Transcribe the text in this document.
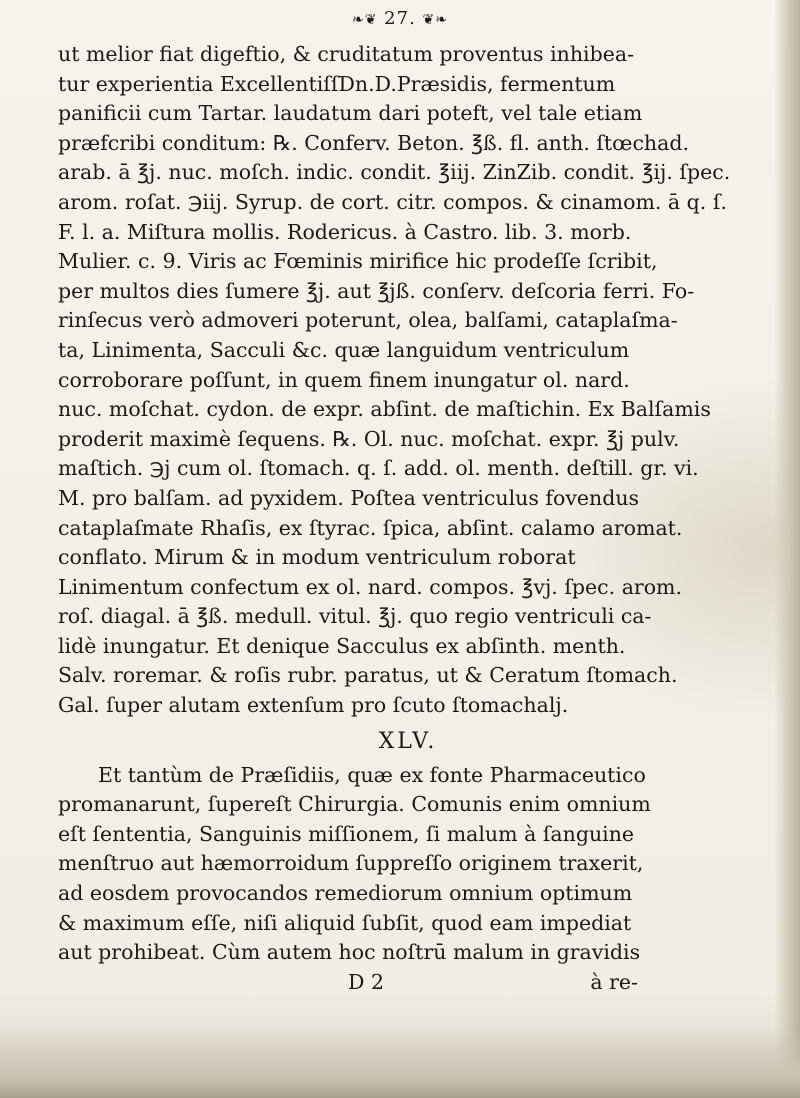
❧❦ 27. ❦❧
ut melior fiat digeftio, & cruditatum proventus inhibea-
tur experientia ExcellentiſſDn.D.Præsidis, fermentum
panificii cum Tartar. laudatum dari poteft, vel tale etiam
præfcribi conditum: ℞. Conferv. Beton. ℥ß. fl. anth. ſtœchad.
arab. ā ℥j. nuc. moſch. indic. condit. ℥iij. ZinZib. condit. ℥ij. ſpec.
arom. roſat. ℈iij. Syrup. de cort. citr. compos. & cinamom. ā q. ſ.
F. l. a. Miſtura mollis. Rodericus. à Castro. lib. 3. morb.
Mulier. c. 9. Viris ac Fœminis mirifice hic prodeſſe ſcribit,
per multos dies ſumere ℥j. aut ℥jß. conſerv. deſcoria ferri. Fo-
rinſecus verò admoveri poterunt, olea, balſami, cataplaſma-
ta, Linimenta, Sacculi &c. quæ languidum ventriculum
corroborare poſſunt, in quem finem inungatur ol. nard.
nuc. moſchat. cydon. de expr. abſint. de maſtichin. Ex Balſamis
proderit maximè ſequens. ℞. Ol. nuc. moſchat. expr. ℥j pulv.
maſtich. ℈j cum ol. ſtomach. q. ſ. add. ol. menth. deſtill. gr. vi.
M. pro balſam. ad pyxidem. Poſtea ventriculus fovendus
cataplaſmate Rhaſis, ex ſtyrac. ſpica, abſint. calamo aromat.
conflato. Mirum & in modum ventriculum roborat
Linimentum confectum ex ol. nard. compos. ℥vj. ſpec. arom.
roſ. diagal. ā ℥ß. medull. vitul. ℥j. quo regio ventriculi ca-
lidè inungatur. Et denique Sacculus ex abſinth. menth.
Salv. roremar. & roſis rubr. paratus, ut & Ceratum ſtomach.
Gal. ſuper alutam extenſum pro ſcuto ſtomachalj.
XLV.
Et tantùm de Præſidiis, quæ ex fonte Pharmaceutico
promanarunt, ſupereſt Chirurgia. Comunis enim omnium
eſt ſententia, Sanguinis miſſionem, ſi malum à ſanguine
menſtruo aut hæmorroidum ſuppreſſo originem traxerit,
ad eosdem provocandos remediorum omnium optimum
& maximum eſſe, niſi aliquid ſubſit, quod eam impediat
aut prohibeat. Cùm autem hoc noſtrū malum in gravidis
D 2	à re-
